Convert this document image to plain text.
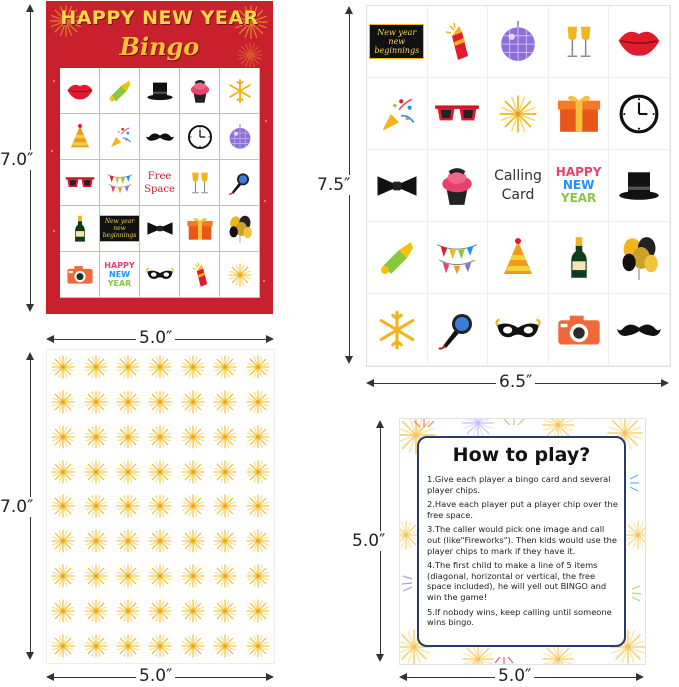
HAPPY NEW YEAR
Bingo
Free Space
New year
new
beginnings
HAPPY
NEW
YEAR
7.0″
5.0″
New year
new
beginnings
Calling Card
HAPPY
NEW
YEAR
7.5″
6.5″
7.0″
5.0″
How to play?
1.Give each player a bingo card and several player chips.
2.Have each player put a player chip over the free space.
3.The caller would pick one image and call out (like"Fireworks"). Then kids would use the player chips to mark if they have it.
4.The first child to make a line of 5 items (diagonal, horizontal or vertical, the free space included), he will yell out BINGO and win the game!
5.If nobody wins, keep calling until someone wins bingo.
5.0″
5.0″
